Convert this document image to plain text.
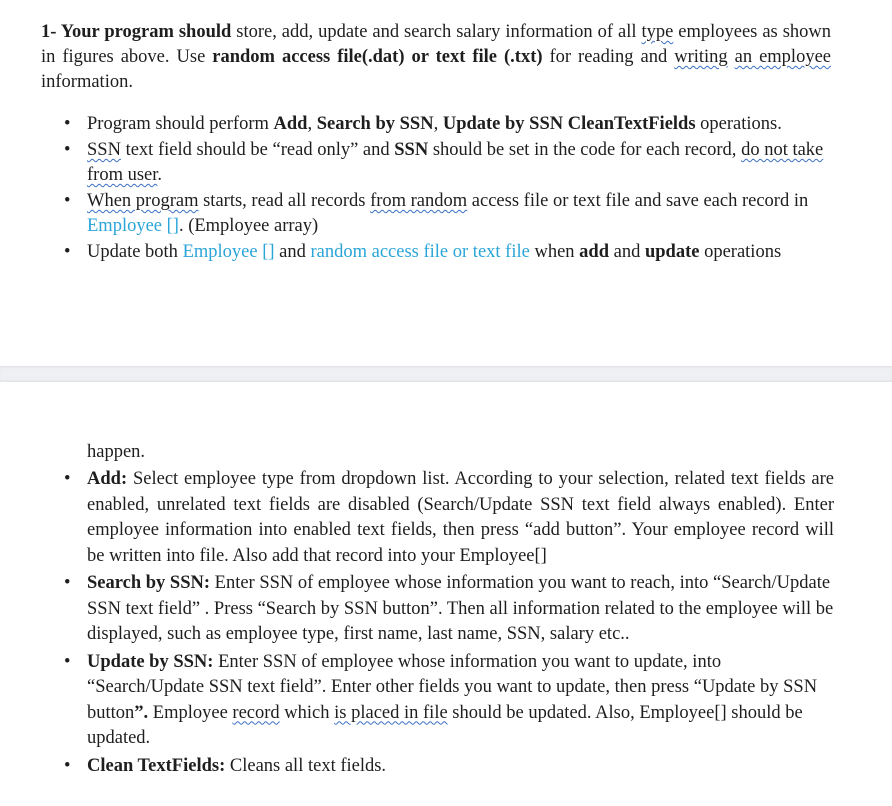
1- Your program should store, add, update and search salary information of all type employees as shown in figures above. Use random access file(.dat) or text file (.txt) for reading and writing an employee information.
• Program should perform Add, Search by SSN, Update by SSN CleanTextFields operations.
• SSN text field should be “read only” and SSN should be set in the code for each record, do not take from user.
• When program starts, read all records from random access file or text file and save each record in Employee []. (Employee array)
• Update both Employee [] and random access file or text file when add and update operations
happen.
• Add: Select employee type from dropdown list. According to your selection, related text fields are enabled, unrelated text fields are disabled (Search/Update SSN text field always enabled). Enter employee information into enabled text fields, then press “add button”. Your employee record will be written into file. Also add that record into your Employee[]
• Search by SSN: Enter SSN of employee whose information you want to reach, into “Search/Update SSN text field” . Press “Search by SSN button”. Then all information related to the employee will be displayed, such as employee type, first name, last name, SSN, salary etc..
• Update by SSN: Enter SSN of employee whose information you want to update, into “Search/Update SSN text field”. Enter other fields you want to update, then press “Update by SSN button”. Employee record which is placed in file should be updated. Also, Employee[] should be updated.
• Clean TextFields: Cleans all text fields.
